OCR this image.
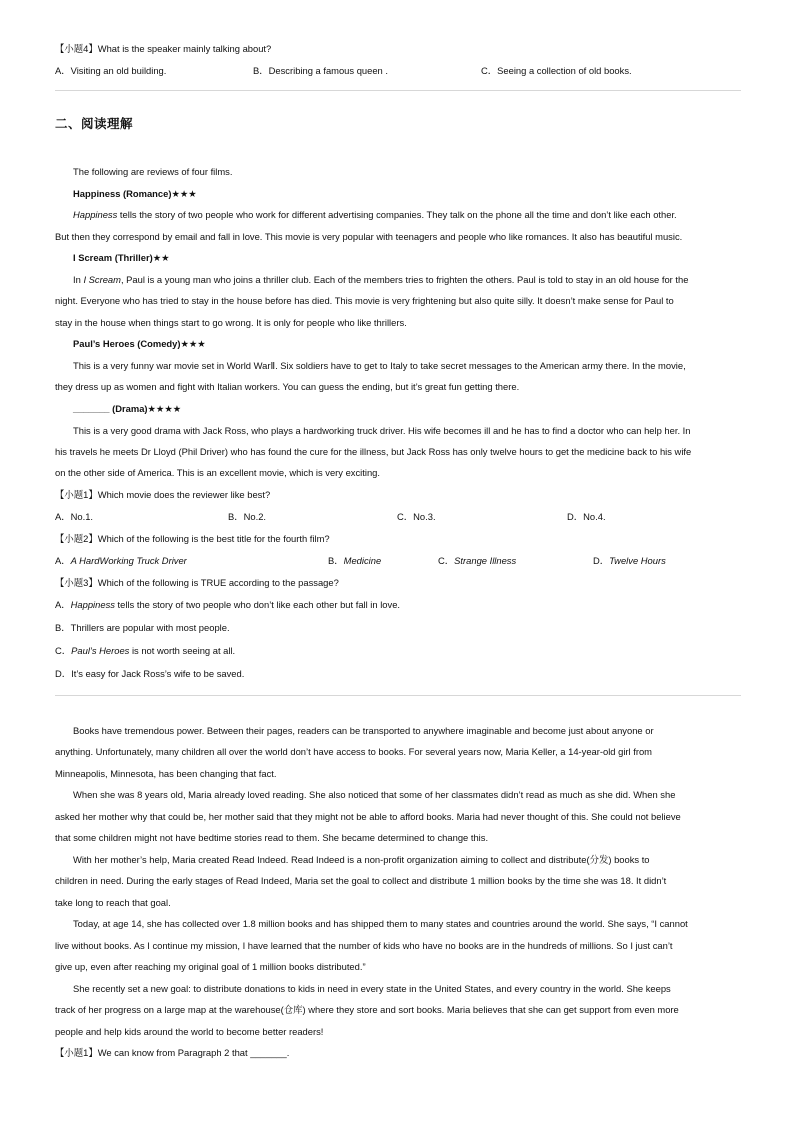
【小题4】What is the speaker mainly talking about?
A．Visiting an old building.	B．Describing a famous queen .	C．Seeing a collection of old books.
二、阅读理解
The following are reviews of four films.
Happiness (Romance)★★★
Happiness tells the story of two people who work for different advertising companies. They talk on the phone all the time and don’t like each other.
But then they correspond by email and fall in love. This movie is very popular with teenagers and people who like romances. It also has beautiful music.
I Scream (Thriller)★★
In I Scream, Paul is a young man who joins a thriller club. Each of the members tries to frighten the others. Paul is told to stay in an old house for the
night. Everyone who has tried to stay in the house before has died. This movie is very frightening but also quite silly. It doesn’t make sense for Paul to
stay in the house when things start to go wrong. It is only for people who like thrillers.
Paul’s Heroes (Comedy)★★★
This is a very funny war movie set in World WarⅡ. Six soldiers have to get to Italy to take secret messages to the American army there. In the movie,
they dress up as women and fight with Italian workers. You can guess the ending, but it’s great fun getting there.
_______ (Drama)★★★★
This is a very good drama with Jack Ross, who plays a hardworking truck driver. His wife becomes ill and he has to find a doctor who can help her. In
his travels he meets Dr Lloyd (Phil Driver) who has found the cure for the illness, but Jack Ross has only twelve hours to get the medicine back to his wife
on the other side of America. This is an excellent movie, which is very exciting.
【小题1】Which movie does the reviewer like best?
A．No.1.	B．No.2.	C．No.3.	D．No.4.
【小题2】Which of the following is the best title for the fourth film?
A．A HardWorking Truck Driver	B．Medicine	C．Strange Illness	D．Twelve Hours
【小题3】Which of the following is TRUE according to the passage?
A．Happiness tells the story of two people who don’t like each other but fall in love.
B．Thrillers are popular with most people.
C．Paul’s Heroes is not worth seeing at all.
D．It’s easy for Jack Ross’s wife to be saved.
Books have tremendous power. Between their pages, readers can be transported to anywhere imaginable and become just about anyone or
anything. Unfortunately, many children all over the world don’t have access to books. For several years now, Maria Keller, a 14-year-old girl from
Minneapolis, Minnesota, has been changing that fact.
When she was 8 years old, Maria already loved reading. She also noticed that some of her classmates didn’t read as much as she did. When she
asked her mother why that could be, her mother said that they might not be able to afford books. Maria had never thought of this. She could not believe
that some children might not have bedtime stories read to them. She became determined to change this.
With her mother’s help, Maria created Read Indeed. Read Indeed is a non-profit organization aiming to collect and distribute(分发) books to
children in need. During the early stages of Read Indeed, Maria set the goal to collect and distribute 1 million books by the time she was 18. It didn’t
take long to reach that goal.
Today, at age 14, she has collected over 1.8 million books and has shipped them to many states and countries around the world. She says, “I cannot
live without books. As I continue my mission, I have learned that the number of kids who have no books are in the hundreds of millions. So I just can’t
give up, even after reaching my original goal of 1 million books distributed.”
She recently set a new goal: to distribute donations to kids in need in every state in the United States, and every country in the world. She keeps
track of her progress on a large map at the warehouse(仓库) where they store and sort books. Maria believes that she can get support from even more
people and help kids around the world to become better readers!
【小题1】We can know from Paragraph 2 that _______.
